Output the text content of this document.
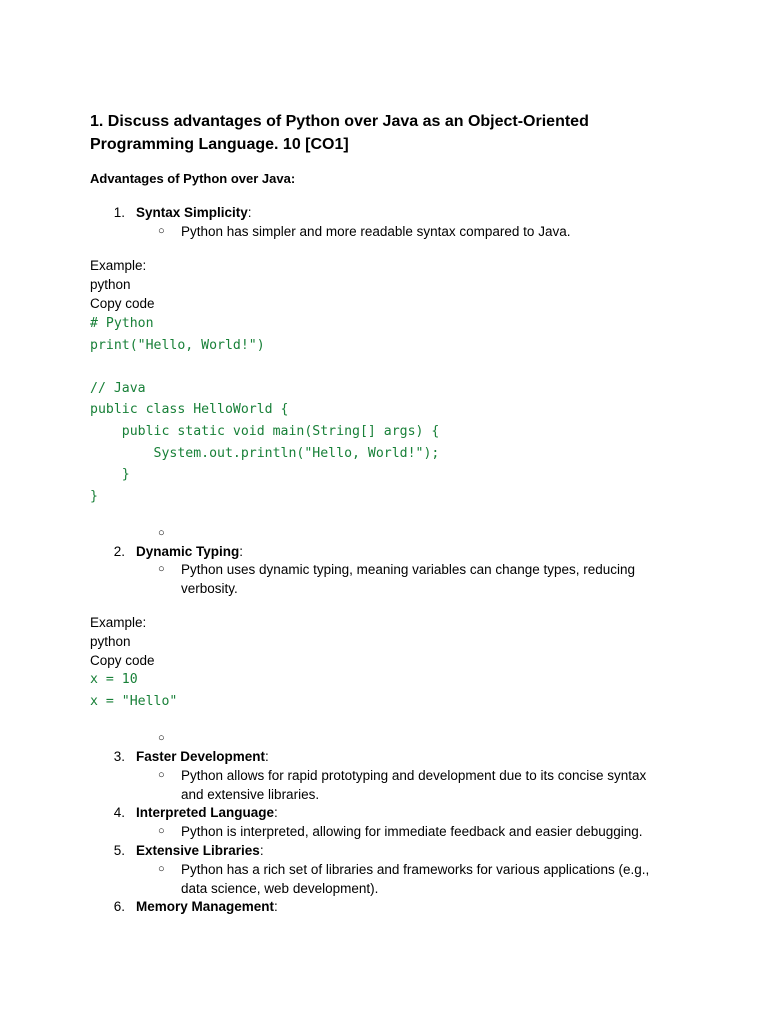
1. Discuss advantages of Python over Java as an Object-Oriented Programming Language. 10 [CO1]
Advantages of Python over Java:
1. Syntax Simplicity:
○ Python has simpler and more readable syntax compared to Java.
Example:
python
Copy code
# Python
print("Hello, World!")

// Java
public class HelloWorld {
public static void main(String[] args) {
System.out.println("Hello, World!");
}
}
○
2. Dynamic Typing:
○ Python uses dynamic typing, meaning variables can change types, reducing verbosity.
Example:
python
Copy code
x = 10
x = "Hello"
○
3. Faster Development:
○ Python allows for rapid prototyping and development due to its concise syntax and extensive libraries.
4. Interpreted Language:
○ Python is interpreted, allowing for immediate feedback and easier debugging.
5. Extensive Libraries:
○ Python has a rich set of libraries and frameworks for various applications (e.g., data science, web development).
6. Memory Management:
